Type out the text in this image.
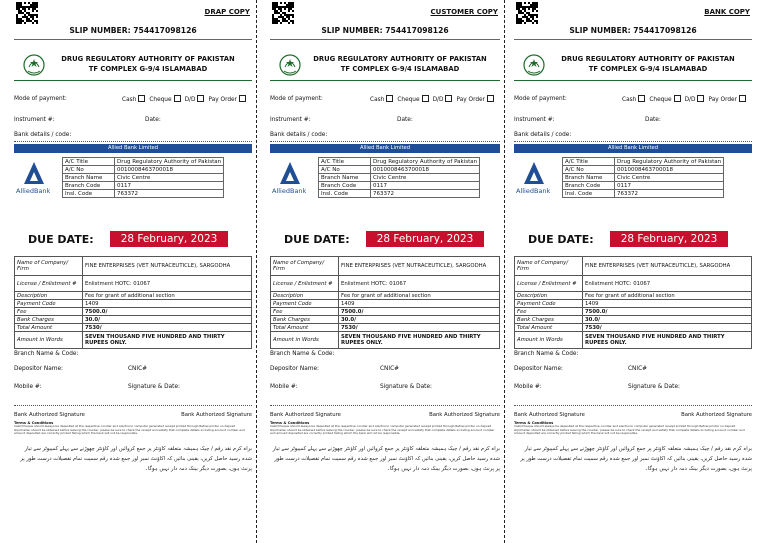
DRAP COPY
SLIP NUMBER: 754417098126
DRUG REGULATORY AUTHORITY OF PAKISTAN
TF COMPLEX G-9/4 ISLAMABAD
Mode of payment:	Cash Cheque D/D Pay Order
Instrument #:	Date:
Bank details / code:
Allied Bank Limited
AlliedBank
A/C Title	Drug Regulatory Authority of Pakistan
A/C No	0010008463700018
Branch Name	Civic Centre
Branch Code	0117
Insl. Code	763372
DUE DATE:	28 February, 2023
Name of Company/ Firm	FINE ENTERPRISES (VET NUTRACEUTICLE), SARGODHA
License / Enlistment #	Enlistment HOTC: 01067
Description	Fee for grant of additional section
Payment Code	1409
Fee	7500.0/
Bank Charges	30.0/
Total Amount	7530/
Amount in Words	SEVEN THOUSAND FIVE HUNDRED AND THIRTY RUPEES ONLY.
Branch Name & Code:
Depositor Name:	CNIC#
Mobile #:	Signature & Date:
Bank Authorized Signature	Bank Authorized Signature
Terms & Conditions
Cash/Cheque should always be deposited at the respective counter and electronic computer generated receipt printed through Refoel printer on deposit slip/challan should be obtained before leaving the counter, please be sure to check the receipt and satisfy that complete details including account number and amount deposited are correctly printed failing which the bank will not be responsible.
براہ کرم نقد رقم / چیک ہمیشہ متعلقہ کاؤنٹر پر جمع کروائیں اور کاؤنٹر چھوڑنے سے پہلے کمپیوٹر سے تیار شدہ رسید حاصل کریں، یقینی بنائیں کہ اکاؤنٹ نمبر اور جمع شدہ رقم سمیت تمام تفصیلات درست طور پر پرنٹ ہوں، بصورت دیگر بینک ذمہ دار نہیں ہوگا۔
CUSTOMER COPY
SLIP NUMBER: 754417098126
DRUG REGULATORY AUTHORITY OF PAKISTAN
TF COMPLEX G-9/4 ISLAMABAD
Mode of payment:	Cash Cheque D/D Pay Order
Instrument #:	Date:
Bank details / code:
Allied Bank Limited
AlliedBank
A/C Title	Drug Regulatory Authority of Pakistan
A/C No	0010008463700018
Branch Name	Civic Centre
Branch Code	0117
Insl. Code	763372
DUE DATE:	28 February, 2023
Name of Company/ Firm	FINE ENTERPRISES (VET NUTRACEUTICLE), SARGODHA
License / Enlistment #	Enlistment HOTC: 01067
Description	Fee for grant of additional section
Payment Code	1409
Fee	7500.0/
Bank Charges	30.0/
Total Amount	7530/
Amount in Words	SEVEN THOUSAND FIVE HUNDRED AND THIRTY RUPEES ONLY.
Branch Name & Code:
Depositor Name:	CNIC#
Mobile #:	Signature & Date:
Bank Authorized Signature	Bank Authorized Signature
Terms & Conditions
Cash/Cheque should always be deposited at the respective counter and electronic computer generated receipt printed through Refoel printer on deposit slip/challan should be obtained before leaving the counter, please be sure to check the receipt and satisfy that complete details including account number and amount deposited are correctly printed failing which the bank will not be responsible.
براہ کرم نقد رقم / چیک ہمیشہ متعلقہ کاؤنٹر پر جمع کروائیں اور کاؤنٹر چھوڑنے سے پہلے کمپیوٹر سے تیار شدہ رسید حاصل کریں، یقینی بنائیں کہ اکاؤنٹ نمبر اور جمع شدہ رقم سمیت تمام تفصیلات درست طور پر پرنٹ ہوں، بصورت دیگر بینک ذمہ دار نہیں ہوگا۔
BANK COPY
SLIP NUMBER: 754417098126
DRUG REGULATORY AUTHORITY OF PAKISTAN
TF COMPLEX G-9/4 ISLAMABAD
Mode of payment:	Cash Cheque D/D Pay Order
Instrument #:	Date:
Bank details / code:
Allied Bank Limited
AlliedBank
A/C Title	Drug Regulatory Authority of Pakistan
A/C No	0010008463700018
Branch Name	Civic Centre
Branch Code	0117
Insl. Code	763372
DUE DATE:	28 February, 2023
Name of Company/ Firm	FINE ENTERPRISES (VET NUTRACEUTICLE), SARGODHA
License / Enlistment #	Enlistment HOTC: 01067
Description	Fee for grant of additional section
Payment Code	1409
Fee	7500.0/
Bank Charges	30.0/
Total Amount	7530/
Amount in Words	SEVEN THOUSAND FIVE HUNDRED AND THIRTY RUPEES ONLY.
Branch Name & Code:
Depositor Name:	CNIC#
Mobile #:	Signature & Date:
Bank Authorized Signature	Bank Authorized Signature
Terms & Conditions
Cash/Cheque should always be deposited at the respective counter and electronic computer generated receipt printed through Refoel printer on deposit slip/challan should be obtained before leaving the counter, please be sure to check the receipt and satisfy that complete details including account number and amount deposited are correctly printed failing which the bank will not be responsible.
براہ کرم نقد رقم / چیک ہمیشہ متعلقہ کاؤنٹر پر جمع کروائیں اور کاؤنٹر چھوڑنے سے پہلے کمپیوٹر سے تیار شدہ رسید حاصل کریں، یقینی بنائیں کہ اکاؤنٹ نمبر اور جمع شدہ رقم سمیت تمام تفصیلات درست طور پر پرنٹ ہوں، بصورت دیگر بینک ذمہ دار نہیں ہوگا۔
